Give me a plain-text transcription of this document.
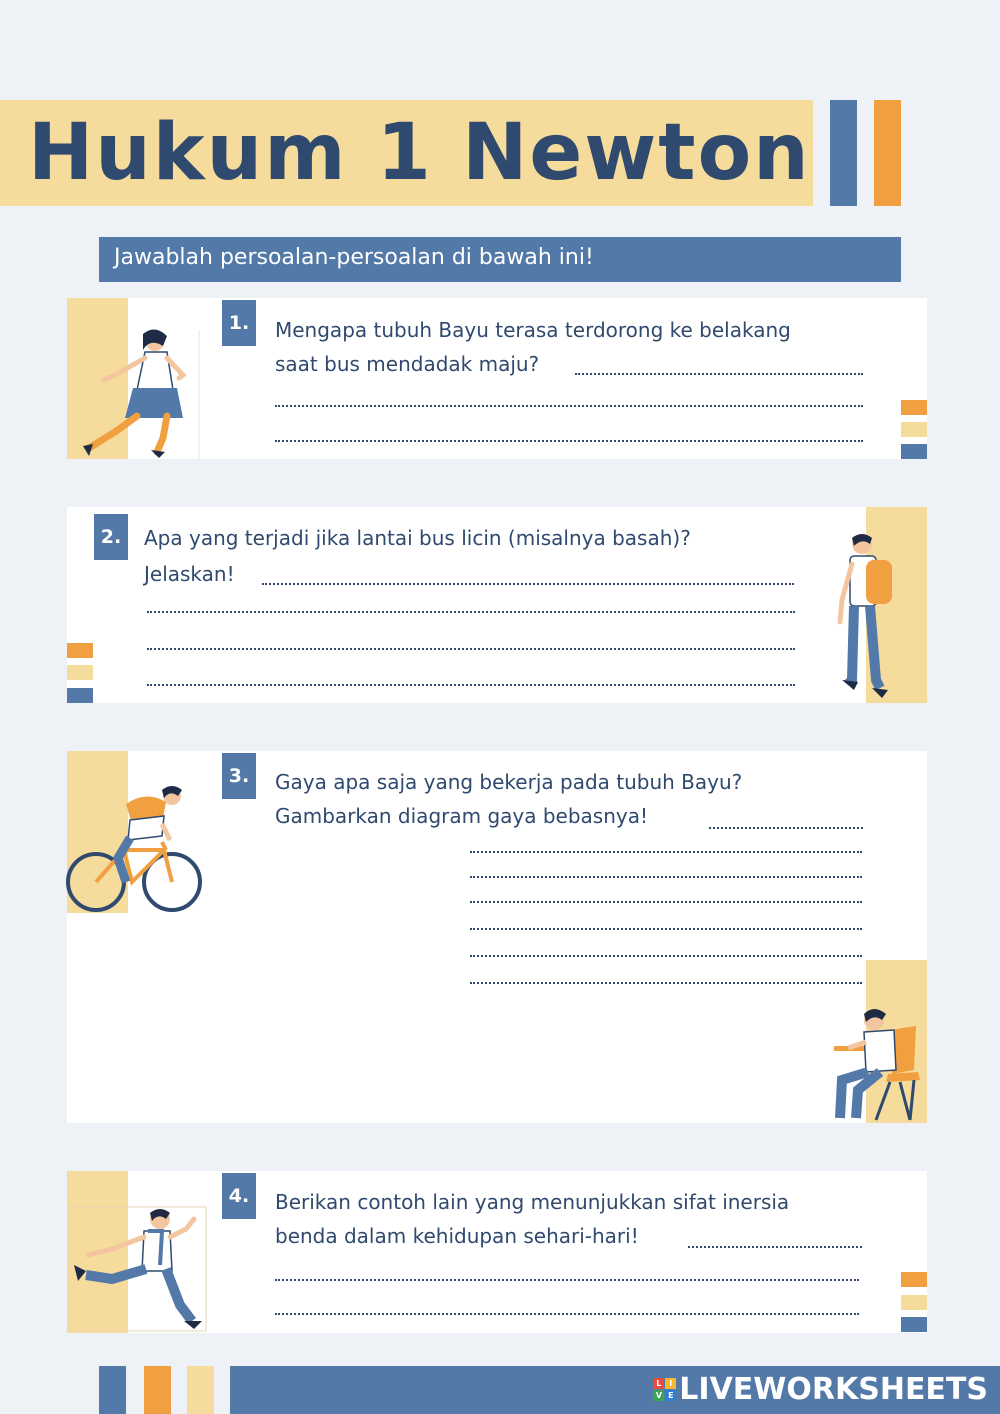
Hukum 1 Newton
Jawablah persoalan-persoalan di bawah ini!
1.	Mengapa tubuh Bayu terasa terdorong ke belakang
saat bus mendadak maju?
2.	Apa yang terjadi jika lantai bus licin (misalnya basah)?
Jelaskan!
3.	Gaya apa saja yang bekerja pada tubuh Bayu?
Gambarkan diagram gaya bebasnya!
4.	Berikan contoh lain yang menunjukkan sifat inersia
benda dalam kehidupan sehari-hari!
L I
V E LIVEWORKSHEETS
